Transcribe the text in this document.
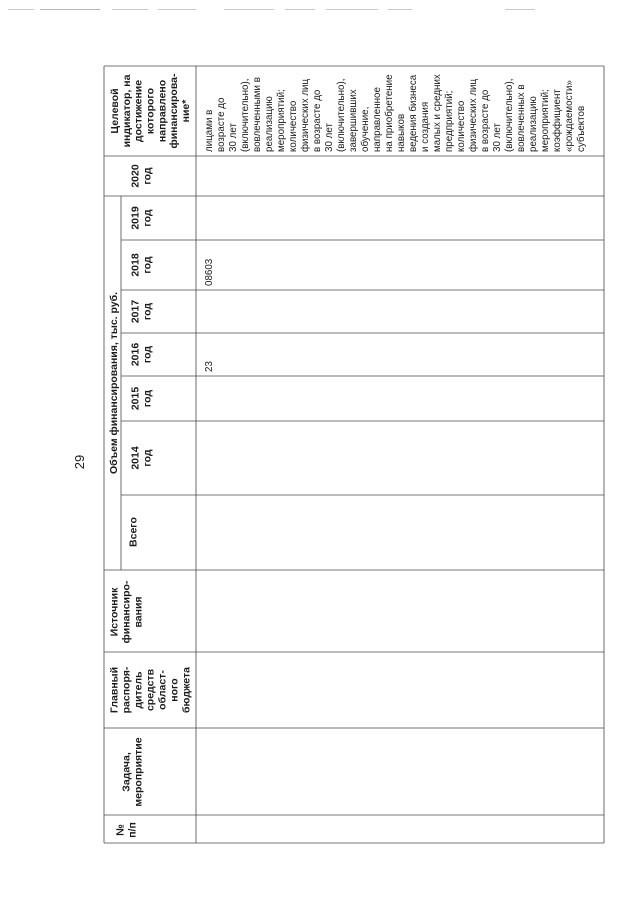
29
№ п/п
Задача, мероприятие
Главный распоря- дитель средств област- ного бюджета
Источник финансиро- вания
Объем финансирования, тыс. руб.
Всего
2014 год
2015 год
2016 год
2017 год
2018 год
2019 год
2020 год
Целевой индикатор, на достижение которого направлено финансирова- ние*
23
08603
лицами в возрасте до 30 лет (включительно), вовлеченными в реализацию мероприятий; количество физических лиц в возрасте до 30 лет (включительно), завершивших обучение, направленное на приобретение навыков ведения бизнеса и создания малых и средних предприятий; количество физических лиц в возрасте до 30 лет (включительно), вовлеченных в реализацию мероприятий; коэффициент «рождаемости» субъектов
